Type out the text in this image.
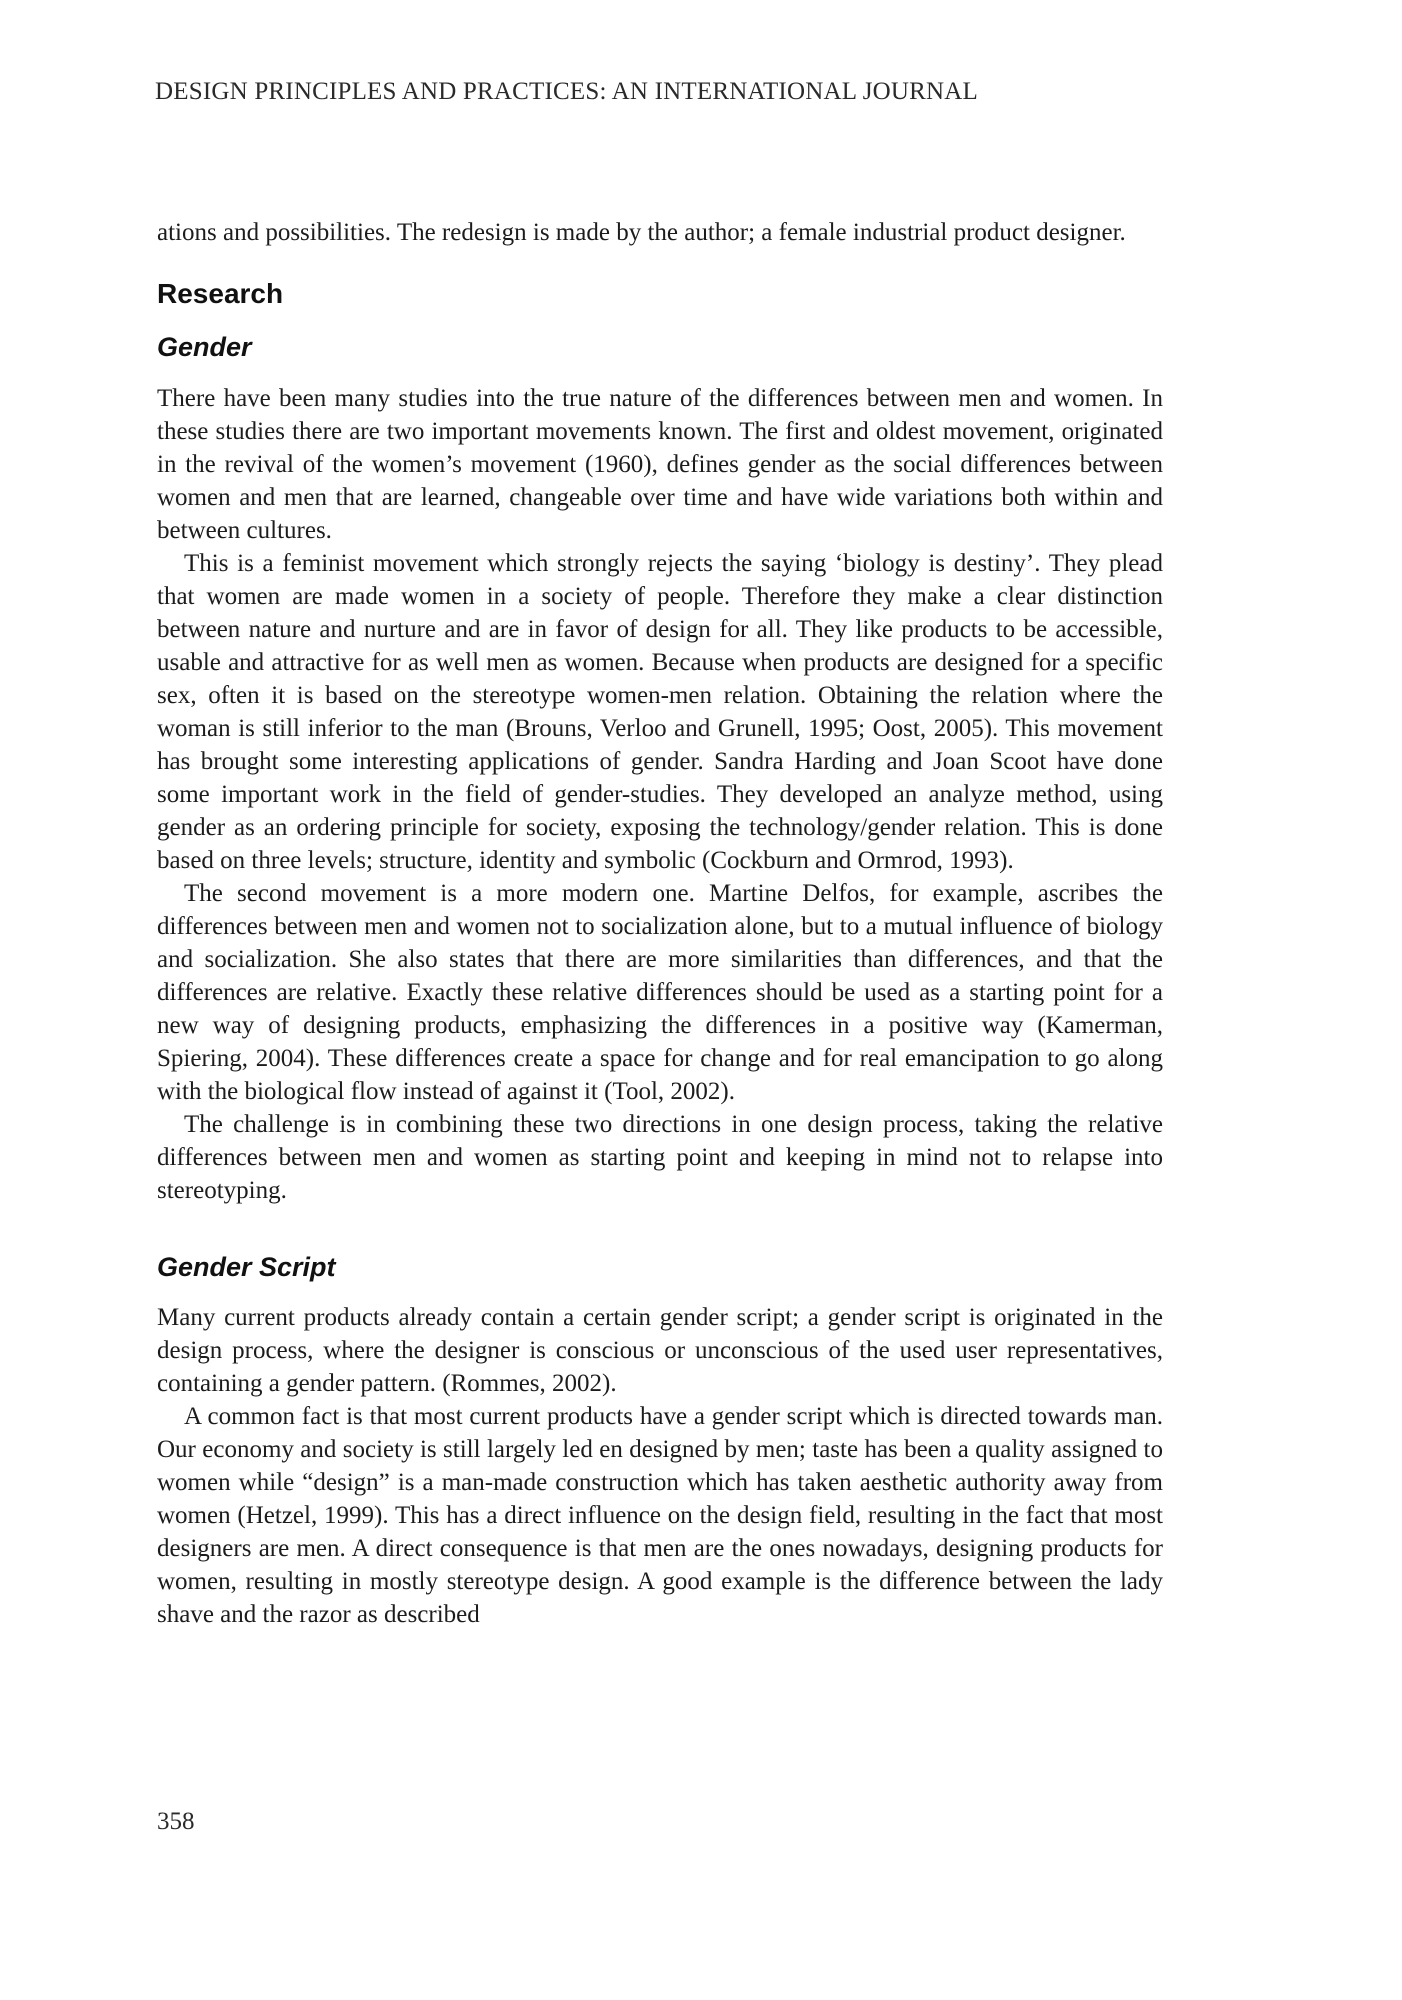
DESIGN PRINCIPLES AND PRACTICES: AN INTERNATIONAL JOURNAL

ations and possibilities. The redesign is made by the author; a female industrial product designer.

Research
Gender

There have been many studies into the true nature of the differences between men and women. In these studies there are two important movements known. The first and oldest movement, originated in the revival of the women’s movement (1960), defines gender as the social differences between women and men that are learned, changeable over time and have wide variations both within and between cultures.

This is a feminist movement which strongly rejects the saying ‘biology is destiny’. They plead that women are made women in a society of people. Therefore they make a clear distinction between nature and nurture and are in favor of design for all. They like products to be accessible, usable and attractive for as well men as women. Because when products are designed for a specific sex, often it is based on the stereotype women-men relation. Obtaining the relation where the woman is still inferior to the man (Brouns, Verloo and Grunell, 1995; Oost, 2005). This movement has brought some interesting applications of gender. Sandra Harding and Joan Scoot have done some important work in the field of gender-studies. They developed an analyze method, using gender as an ordering principle for society, exposing the technology/gender relation. This is done based on three levels; structure, identity and symbolic (Cockburn and Ormrod, 1993).

The second movement is a more modern one. Martine Delfos, for example, ascribes the differences between men and women not to socialization alone, but to a mutual influence of biology and socialization. She also states that there are more similarities than differences, and that the differences are relative. Exactly these relative differences should be used as a starting point for a new way of designing products, emphasizing the differences in a positive way (Kamerman, Spiering, 2004). These differences create a space for change and for real emancipation to go along with the biological flow instead of against it (Tool, 2002).

The challenge is in combining these two directions in one design process, taking the relative differences between men and women as starting point and keeping in mind not to relapse into stereotyping.

Gender Script

Many current products already contain a certain gender script; a gender script is originated in the design process, where the designer is conscious or unconscious of the used user representatives, containing a gender pattern. (Rommes, 2002).

A common fact is that most current products have a gender script which is directed towards man. Our economy and society is still largely led en designed by men; taste has been a quality assigned to women while “design” is a man-made construction which has taken aesthetic authority away from women (Hetzel, 1999). This has a direct influence on the design field, resulting in the fact that most designers are men. A direct consequence is that men are the ones nowadays, designing products for women, resulting in mostly stereotype design. A good example is the difference between the lady shave and the razor as described

358
